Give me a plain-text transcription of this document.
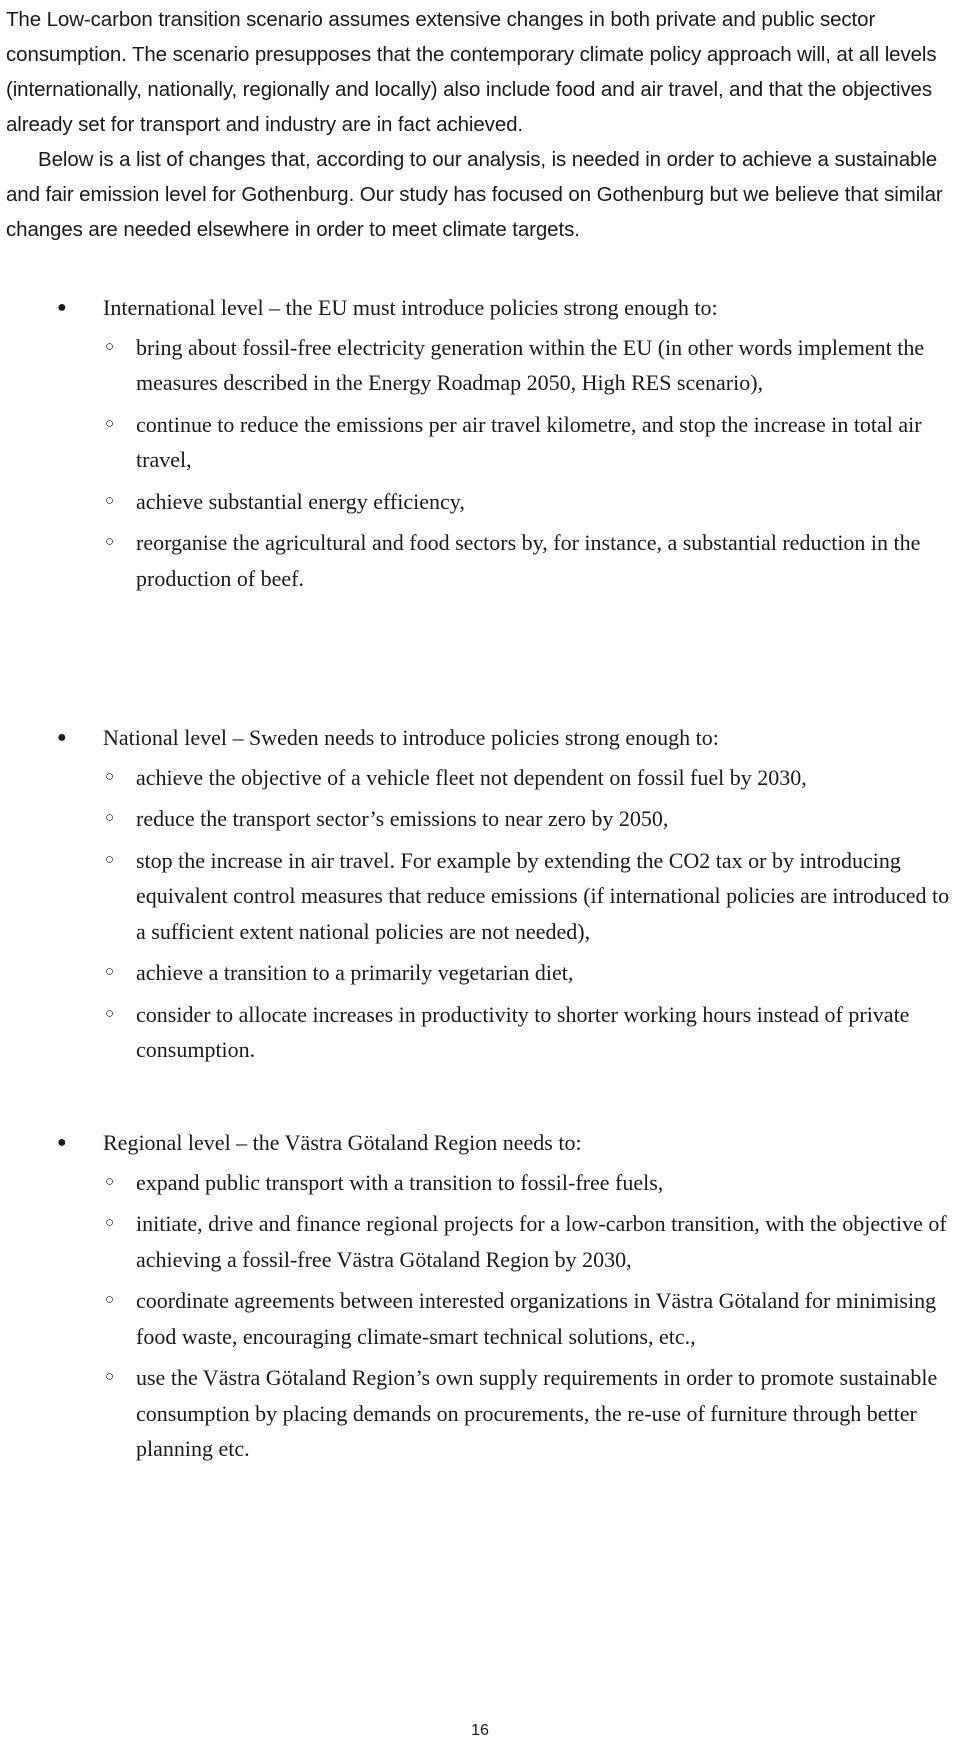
The Low-carbon transition scenario assumes extensive changes in both private and public sector consumption. The scenario presupposes that the contemporary climate policy approach will, at all levels (internationally, nationally, regionally and locally) also include food and air travel, and that the objectives already set for transport and industry are in fact achieved.

Below is a list of changes that, according to our analysis, is needed in order to achieve a sustainable and fair emission level for Gothenburg. Our study has focused on Gothenburg but we believe that similar changes are needed elsewhere in order to meet climate targets.

● International level – the EU must introduce policies strong enough to:

○ bring about fossil-free electricity generation within the EU (in other words implement the measures described in the Energy Roadmap 2050, High RES scenario),
○ continue to reduce the emissions per air travel kilometre, and stop the increase in total air travel,
○ achieve substantial energy efficiency,
○ reorganise the agricultural and food sectors by, for instance, a substantial reduction in the production of beef.

● National level – Sweden needs to introduce policies strong enough to:

○ achieve the objective of a vehicle fleet not dependent on fossil fuel by 2030,
○ reduce the transport sector’s emissions to near zero by 2050,
○ stop the increase in air travel. For example by extending the CO2 tax or by introducing equivalent control measures that reduce emissions (if international policies are introduced to a sufficient extent national policies are not needed),
○ achieve a transition to a primarily vegetarian diet,
○ consider to allocate increases in productivity to shorter working hours instead of private consumption.

● Regional level – the Västra Götaland Region needs to:

○ expand public transport with a transition to fossil-free fuels,
○ initiate, drive and finance regional projects for a low-carbon transition, with the objective of achieving a fossil-free Västra Götaland Region by 2030,
○ coordinate agreements between interested organizations in Västra Götaland for minimising food waste, encouraging climate-smart technical solutions, etc.,
○ use the Västra Götaland Region’s own supply requirements in order to promote sustainable consumption by placing demands on procurements, the re-use of furniture through better planning etc.
16
